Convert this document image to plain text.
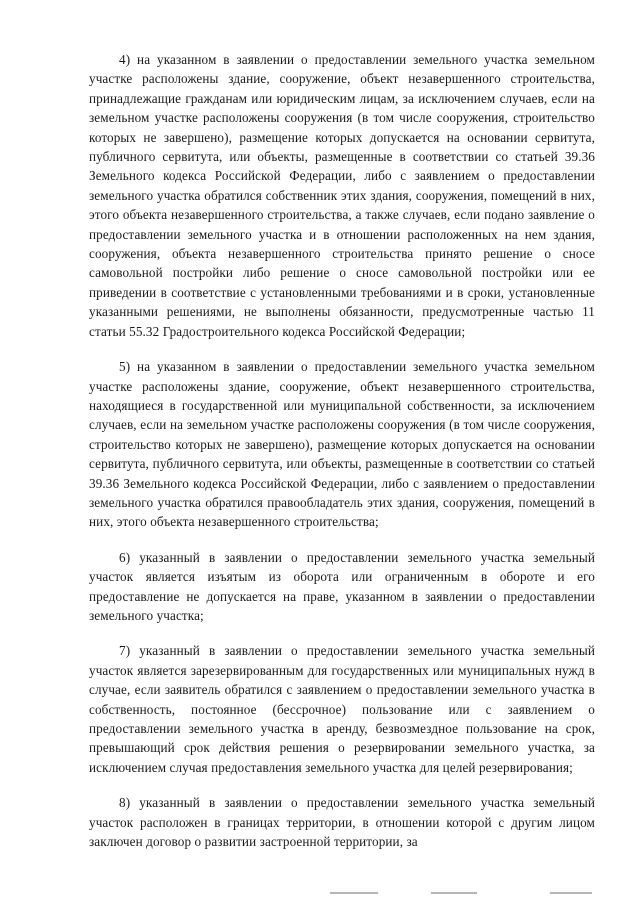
4) на указанном в заявлении о предоставлении земельного участка земельном участке расположены здание, сооружение, объект незавершенного строительства, принадлежащие гражданам или юридическим лицам, за исключением случаев, если на земельном участке расположены сооружения (в том числе сооружения, строительство которых не завершено), размещение которых допускается на основании сервитута, публичного сервитута, или объекты, размещенные в соответствии со статьей 39.36 Земельного кодекса Российской Федерации, либо с заявлением о предоставлении земельного участка обратился собственник этих здания, сооружения, помещений в них, этого объекта незавершенного строительства, а также случаев, если подано заявление о предоставлении земельного участка и в отношении расположенных на нем здания, сооружения, объекта незавершенного строительства принято решение о сносе самовольной постройки либо решение о сносе самовольной постройки или ее приведении в соответствие с установленными требованиями и в сроки, установленные указанными решениями, не выполнены обязанности, предусмотренные частью 11 статьи 55.32 Градостроительного кодекса Российской Федерации;

5) на указанном в заявлении о предоставлении земельного участка земельном участке расположены здание, сооружение, объект незавершенного строительства, находящиеся в государственной или муниципальной собственности, за исключением случаев, если на земельном участке расположены сооружения (в том числе сооружения, строительство которых не завершено), размещение которых допускается на основании сервитута, публичного сервитута, или объекты, размещенные в соответствии со статьей 39.36 Земельного кодекса Российской Федерации, либо с заявлением о предоставлении земельного участка обратился правообладатель этих здания, сооружения, помещений в них, этого объекта незавершенного строительства;

6) указанный в заявлении о предоставлении земельного участка земельный участок является изъятым из оборота или ограниченным в обороте и его предоставление не допускается на праве, указанном в заявлении о предоставлении земельного участка;

7) указанный в заявлении о предоставлении земельного участка земельный участок является зарезервированным для государственных или муниципальных нужд в случае, если заявитель обратился с заявлением о предоставлении земельного участка в собственность, постоянное (бессрочное) пользование или с заявлением о предоставлении земельного участка в аренду, безвозмездное пользование на срок, превышающий срок действия решения о резервировании земельного участка, за исключением случая предоставления земельного участка для целей резервирования;

8) указанный в заявлении о предоставлении земельного участка земельный участок расположен в границах территории, в отношении которой с другим лицом заключен договор о развитии застроенной территории, за
